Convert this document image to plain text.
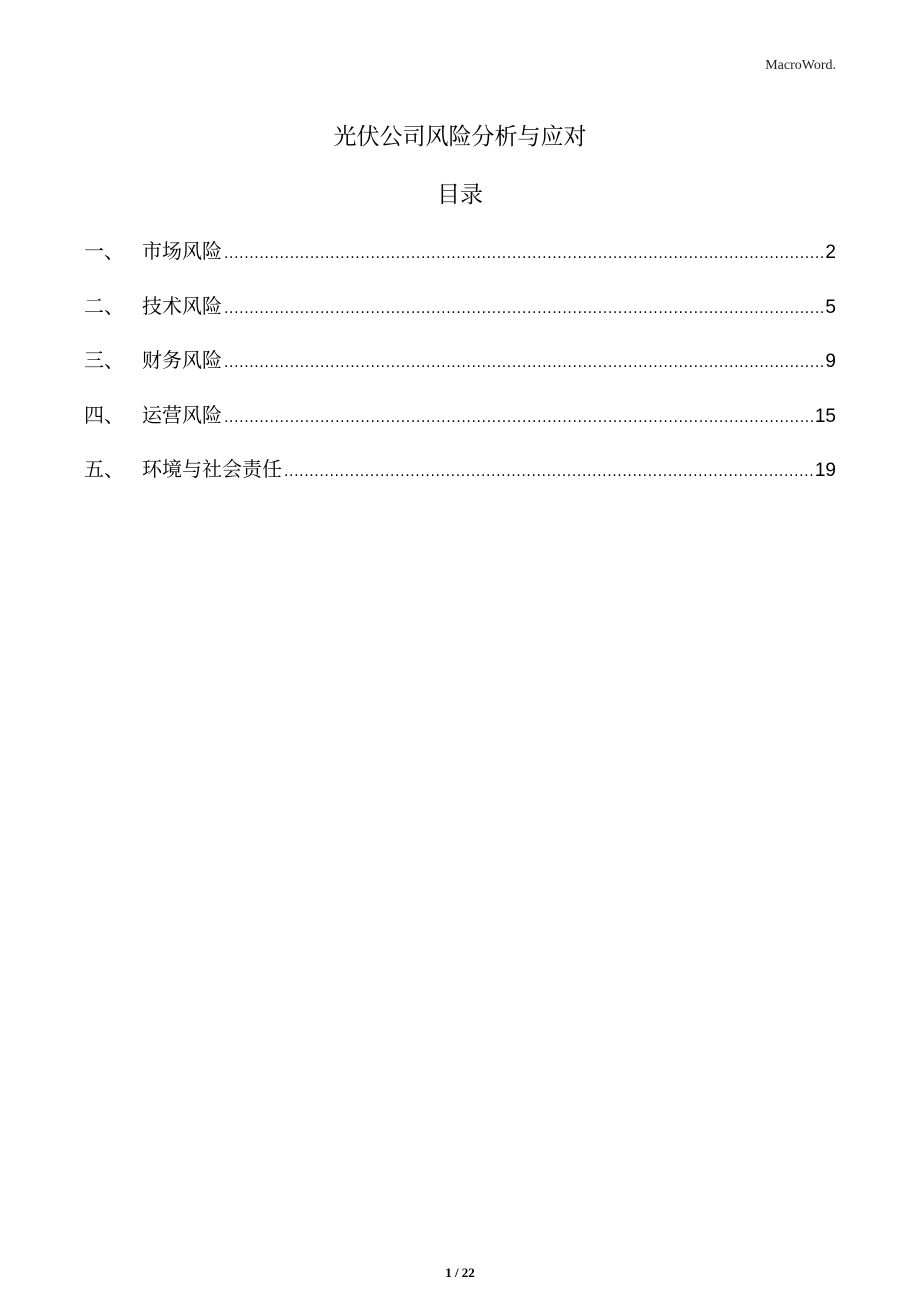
MacroWord.
光伏公司风险分析与应对
目录
一、 市场风险 .....	2
二、 技术风险 .....	5
三、 财务风险 .....	9
四、 运营风险 .....	15
五、 环境与社会责任 .....	19
1 / 22
